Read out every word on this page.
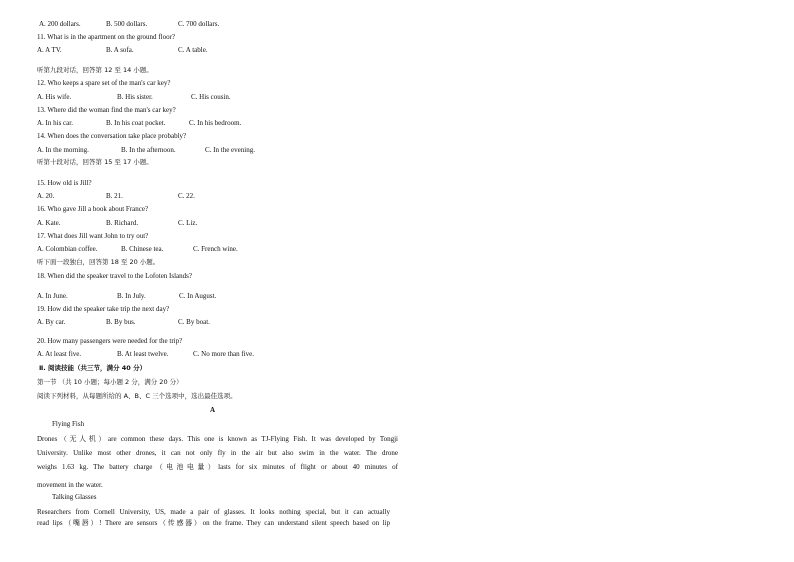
A. 200 dollars.	B. 500 dollars.	C. 700 dollars.
11. What is in the apartment on the ground floor?
A. A TV.	B. A sofa.	C. A table.
听第九段对话，回答第 12 至 14 小题。
12. Who keeps a spare set of the man's car key?
A. His wife.	B. His sister.	C. His cousin.
13. Where did the woman find the man's car key?
A. In his car.	B. In his coat pocket.	C. In his bedroom.
14. When does the conversation take place probably?
A. In the morning.	B. In the afternoon.	C. In the evening.
听第十段对话，回答第 15 至 17 小题。
15. How old is Jill?
A. 20.	B. 21.	C. 22.
16. Who gave Jill a book about France?
A. Kate.	B. Richard.	C. Liz.
17. What does Jill want John to try out?
A. Colombian coffee.	B. Chinese tea.	C. French wine.
听下面一段独白，回答第 18 至 20 小题。
18. When did the speaker travel to the Lofoten Islands?
A. In June.	B. In July.	C. In August.
19. How did the speaker take trip the next day?
A. By car.	B. By bus.	C. By boat.
20. How many passengers were needed for the trip?
A. At least five.	B. At least twelve.	C. No more than five.
Ⅱ. 阅读技能（共三节，满分 40 分）
第一节 （共 10 小题；每小题 2 分，满分 20 分）
阅读下列材料，从每题所给的 A、B、C 三个选项中，选出最佳选项。
A
Flying Fish
Drones（无人机）are common these days. This one is known as TJ-Flying Fish. It was developed by Tongji
University. Unlike most other drones, it can not only fly in the air but also swim in the water. The drone
weighs 1.63 kg. The battery charge（电池电量）lasts for six minutes of flight or about 40 minutes of
movement in the water.
Talking Glasses
Researchers from Cornell University, US, made a pair of glasses. It looks nothing special, but it can actually
read lips（嘴唇）! There are sensors（传感器）on the frame. They can understand silent speech based on lip
